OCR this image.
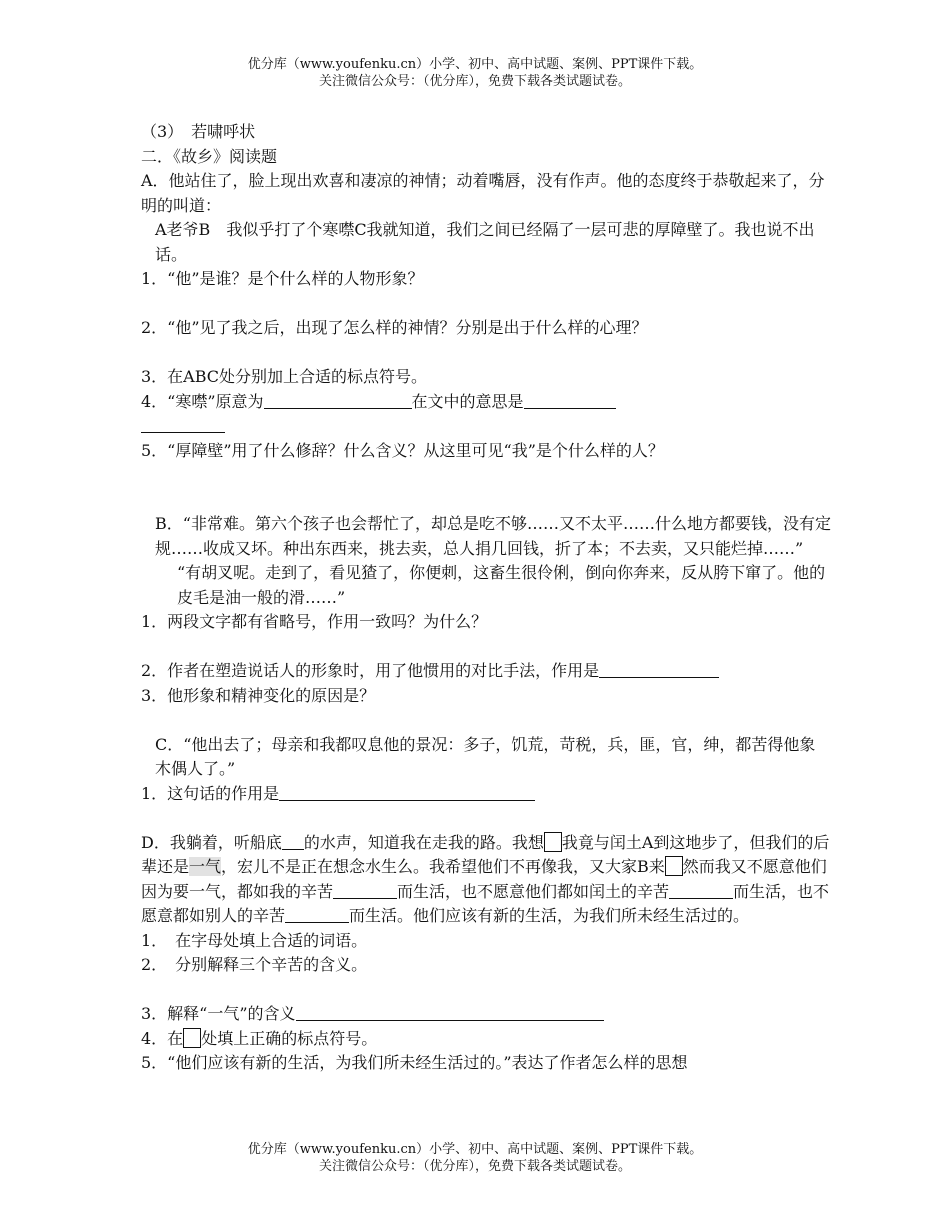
优分库（www.youfenku.cn）小学、初中、高中试题、案例、PPT课件下载。
关注微信公众号：（优分库），免费下载各类试题试卷。

（3）　若啸呼状

二．《故乡》阅读题

A．他站住了，脸上现出欢喜和凄凉的神情；动着嘴唇，没有作声。他的态度终于恭敬起来了，分明的叫道：

A老爷B　我似乎打了个寒噤C我就知道，我们之间已经隔了一层可悲的厚障壁了。我也说不出话。

1．“他”是谁？是个什么样的人物形象？

2．“他”见了我之后，出现了怎么样的神情？分别是出于什么样的心理？

3．在ABC处分别加上合适的标点符号。

4．“寒噤”原意为	在文中的意思是

5．“厚障壁”用了什么修辞？什么含义？从这里可见“我”是个什么样的人？

B．“非常难。第六个孩子也会帮忙了，却总是吃不够……又不太平……什么地方都要钱，没有定规……收成又坏。种出东西来，挑去卖，总人捐几回钱，折了本；不去卖，又只能烂掉……”

“有胡叉呢。走到了，看见猹了，你便刺，这畜生很伶俐，倒向你奔来，反从胯下窜了。他的皮毛是油一般的滑……”

1．两段文字都有省略号，作用一致吗？为什么？

2．作者在塑造说话人的形象时，用了他惯用的对比手法，作用是

3．他形象和精神变化的原因是？

C．“他出去了；母亲和我都叹息他的景况：多子，饥荒，苛税，兵，匪，官，绅，都苦得他象木偶人了。”

1．这句话的作用是

D．我躺着，听船底 的水声，知道我在走我的路。我想 我竟与闰土A到这地步了，但我们的后辈还是一气，宏儿不是正在想念水生么。我希望他们不再像我，又大家B来 然而我又不愿意他们因为要一气，都如我的辛苦	而生活，也不愿意他们都如闰土的辛苦	而生活，也不愿意都如别人的辛苦	而生活。他们应该有新的生活，为我们所未经生活过的。

1．　在字母处填上合适的词语。

2．　分别解释三个辛苦的含义。

3．解释“一气”的含义

4．在 处填上正确的标点符号。

5．“他们应该有新的生活，为我们所未经生活过的。”表达了作者怎么样的思想

优分库（www.youfenku.cn）小学、初中、高中试题、案例、PPT课件下载。
关注微信公众号：（优分库），免费下载各类试题试卷。
